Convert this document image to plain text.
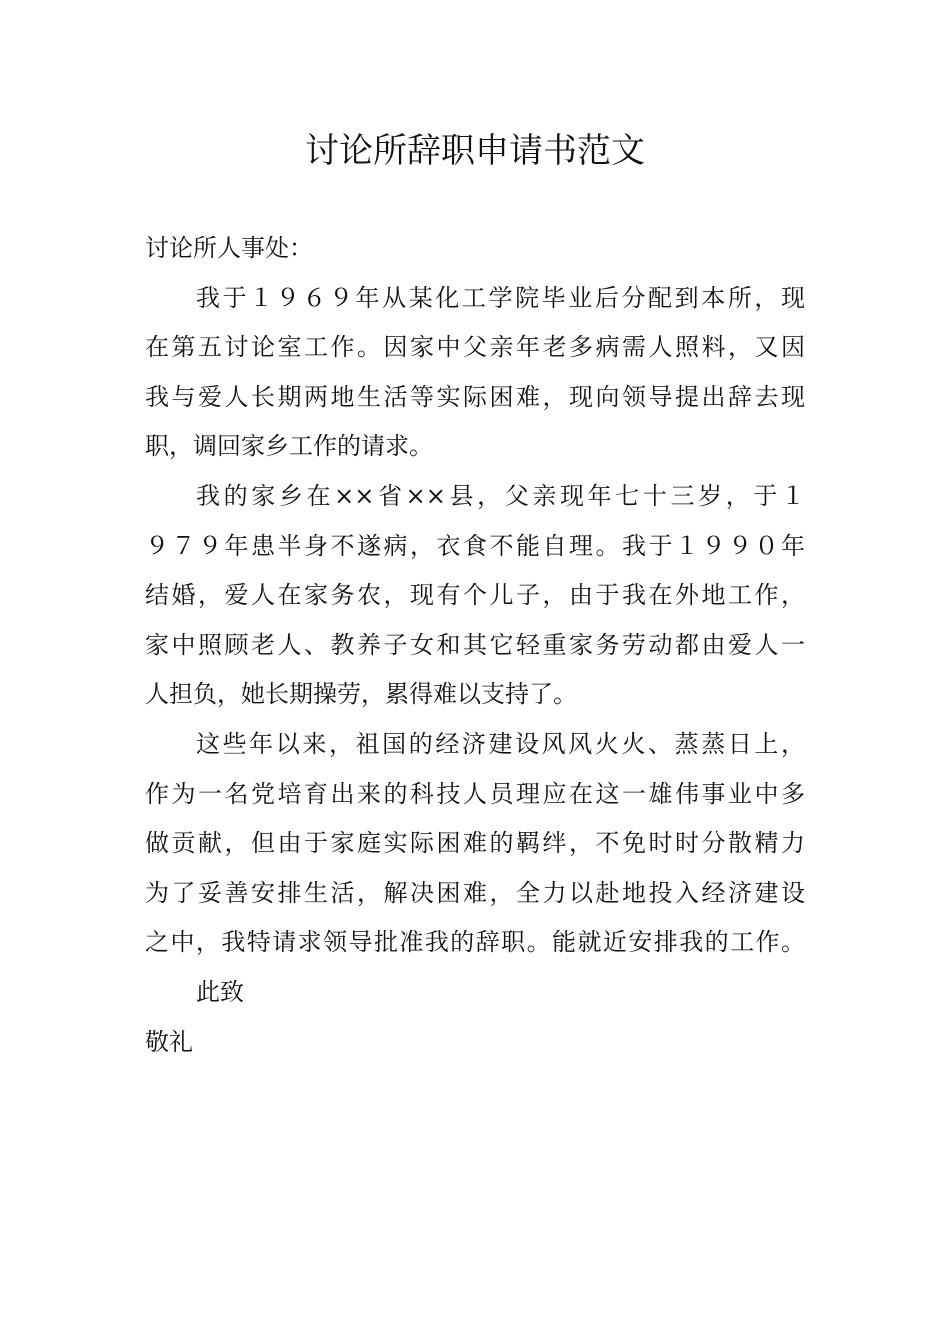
讨论所辞职申请书范文
讨论所人事处：
我于１９６９年从某化工学院毕业后分配到本所，现
在第五讨论室工作。因家中父亲年老多病需人照料，又因
我与爱人长期两地生活等实际困难，现向领导提出辞去现
职，调回家乡工作的请求。
我的家乡在××省××县，父亲现年七十三岁，于１
９７９年患半身不遂病，衣食不能自理。我于１９９０年
结婚，爱人在家务农，现有个儿子，由于我在外地工作，
家中照顾老人、教养子女和其它轻重家务劳动都由爱人一
人担负，她长期操劳，累得难以支持了。
这些年以来，祖国的经济建设风风火火、蒸蒸日上，
作为一名党培育出来的科技人员理应在这一雄伟事业中多
做贡献，但由于家庭实际困难的羁绊，不免时时分散精力
为了妥善安排生活，解决困难，全力以赴地投入经济建设
之中，我特请求领导批准我的辞职。能就近安排我的工作。
此致
敬礼
